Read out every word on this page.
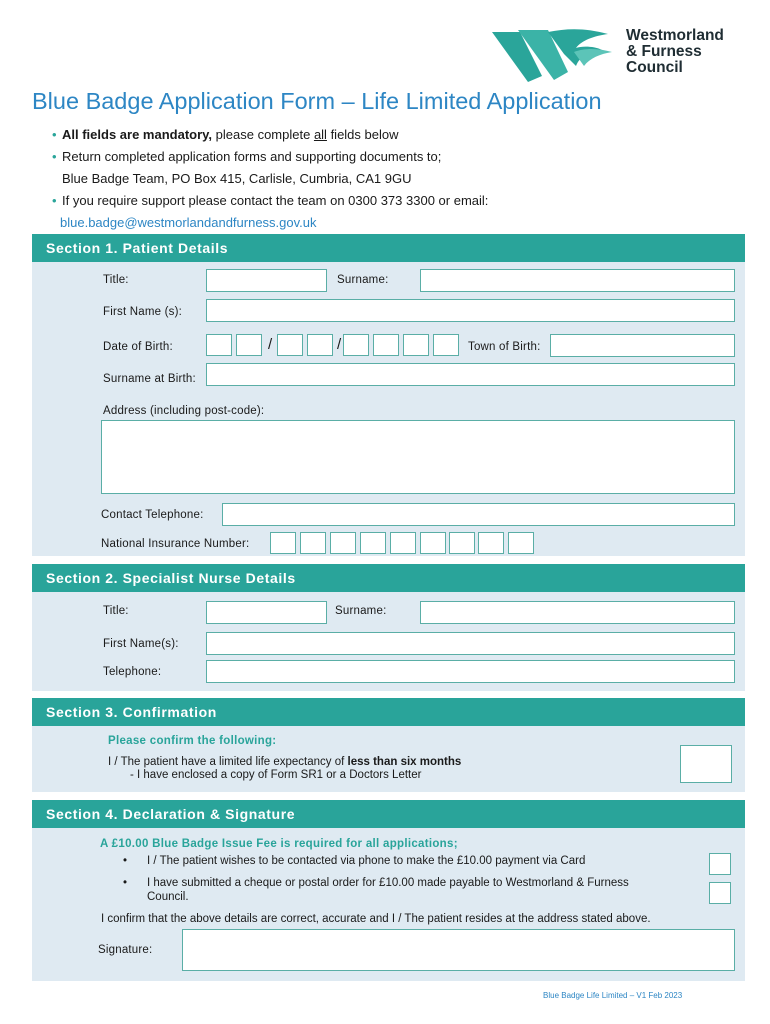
Westmorland
& Furness
Council
Blue Badge Application Form – Life Limited Application
• All fields are mandatory, please complete all fields below
• Return completed application forms and supporting documents to;
Blue Badge Team, PO Box 415, Carlisle, Cumbria, CA1 9GU
• If you require support please contact the team on 0300 373 3300 or email:
blue.badge@westmorlandandfurness.gov.uk
Section 1. Patient Details
Title:	Surname:
First Name (s):
Date of Birth:	/	/	Town of Birth:
Surname at Birth:
Address (including post-code):
Contact Telephone:
National Insurance Number:
Section 2. Specialist Nurse Details
Title:	Surname:
First Name(s):
Telephone:
Section 3. Confirmation
Please confirm the following:
I / The patient have a limited life expectancy of less than six months
- I have enclosed a copy of Form SR1 or a Doctors Letter
Section 4. Declaration & Signature
A £10.00 Blue Badge Issue Fee is required for all applications;
• I / The patient wishes to be contacted via phone to make the £10.00 payment via Card
• I have submitted a cheque or postal order for £10.00 made payable to Westmorland & Furness
Council.
I confirm that the above details are correct, accurate and I / The patient resides at the address stated above.
Signature:
Blue Badge Life Limited – V1 Feb 2023
